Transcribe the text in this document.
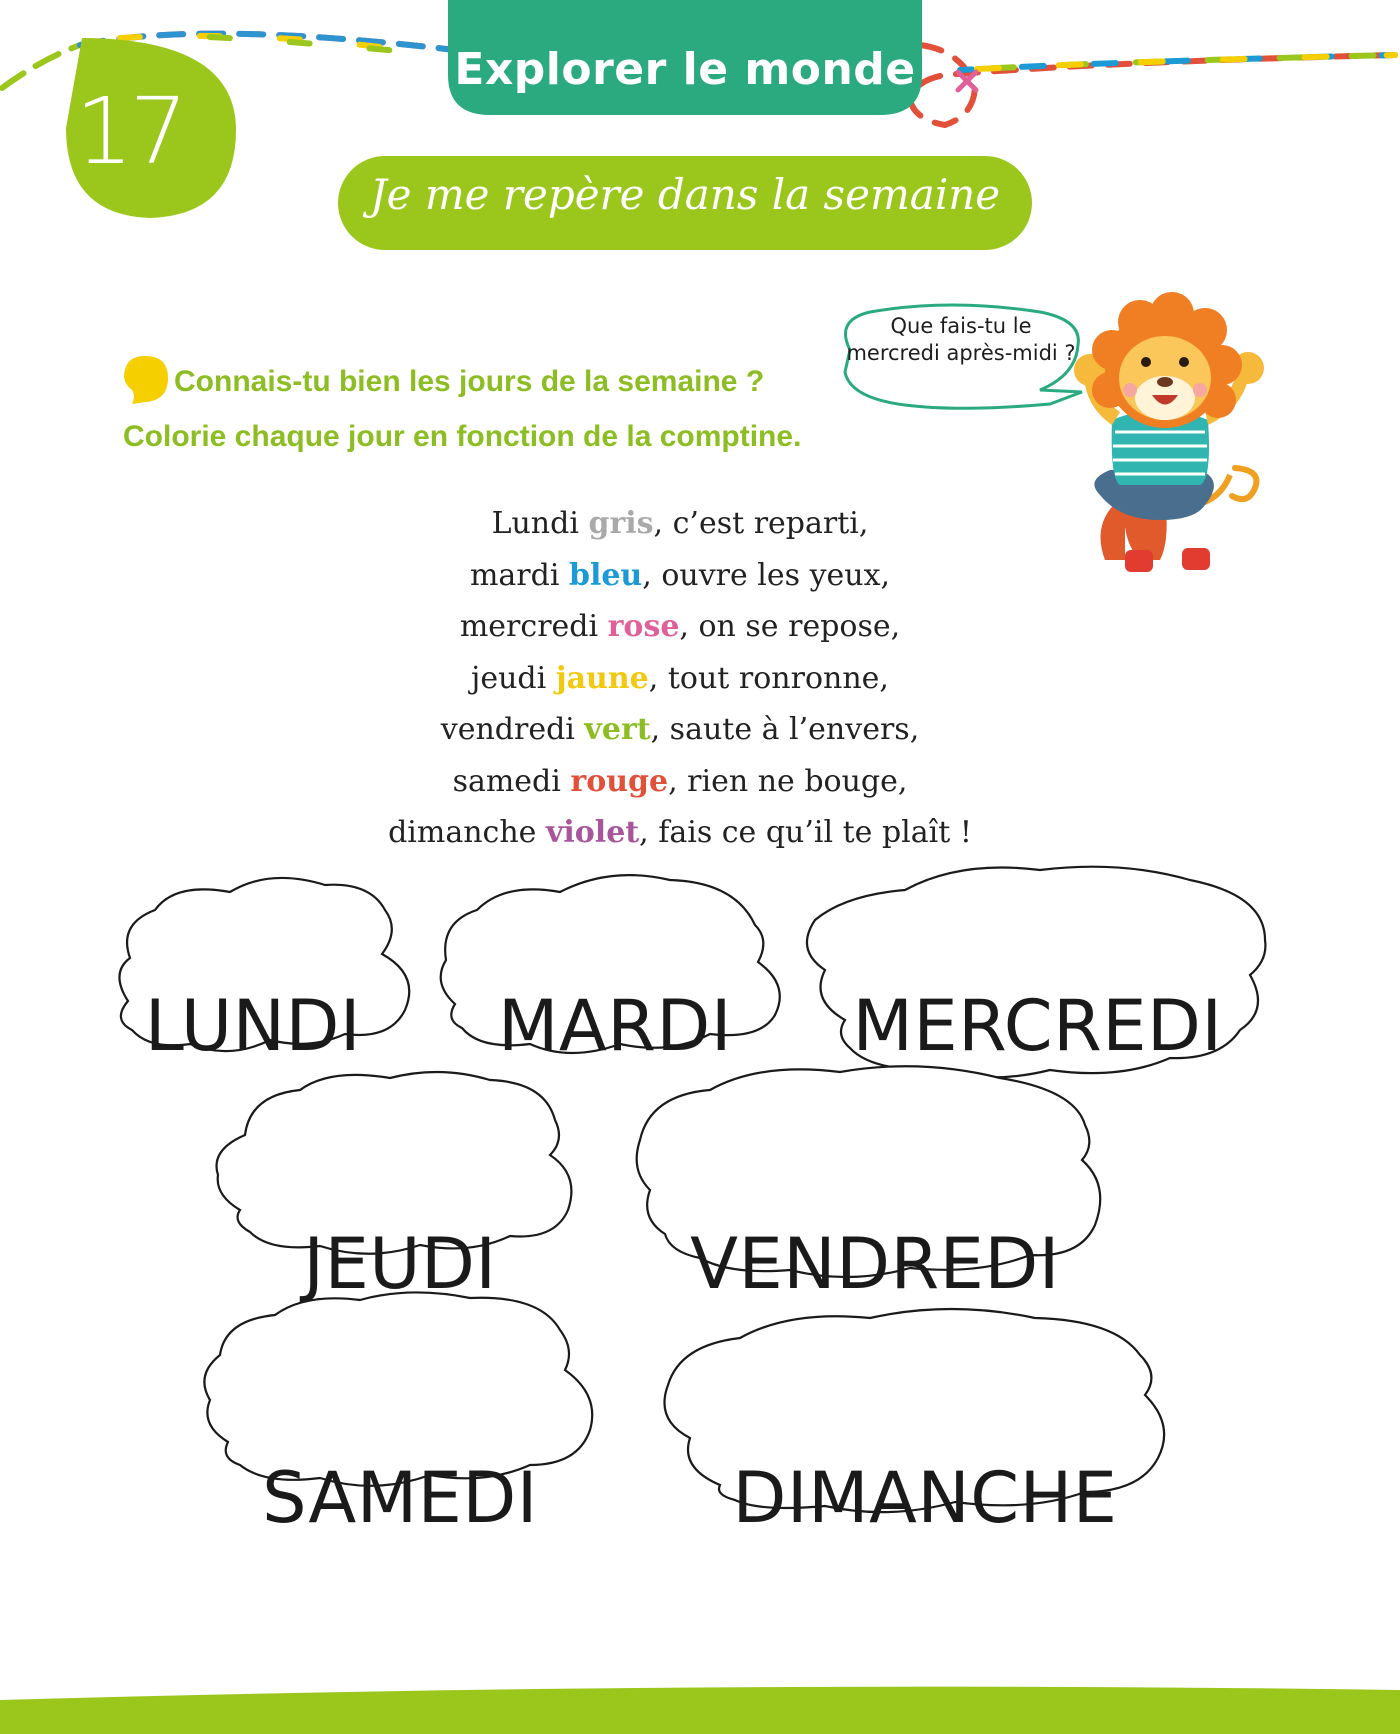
17
Explorer le monde
Je me repère dans la semaine
Connais-tu bien les jours de la semaine ?
Colorie chaque jour en fonction de la comptine.
Que fais-tu le mercredi après-midi ?
Lundi gris, c’est reparti,
mardi bleu, ouvre les yeux,
mercredi rose, on se repose,
jeudi jaune, tout ronronne,
vendredi vert, saute à l’envers,
samedi rouge, rien ne bouge,
dimanche violet, fais ce qu’il te plaît !
LUNDI	MARDI	MERCREDI
JEUDI	VENDREDI
SAMEDI	DIMANCHE
